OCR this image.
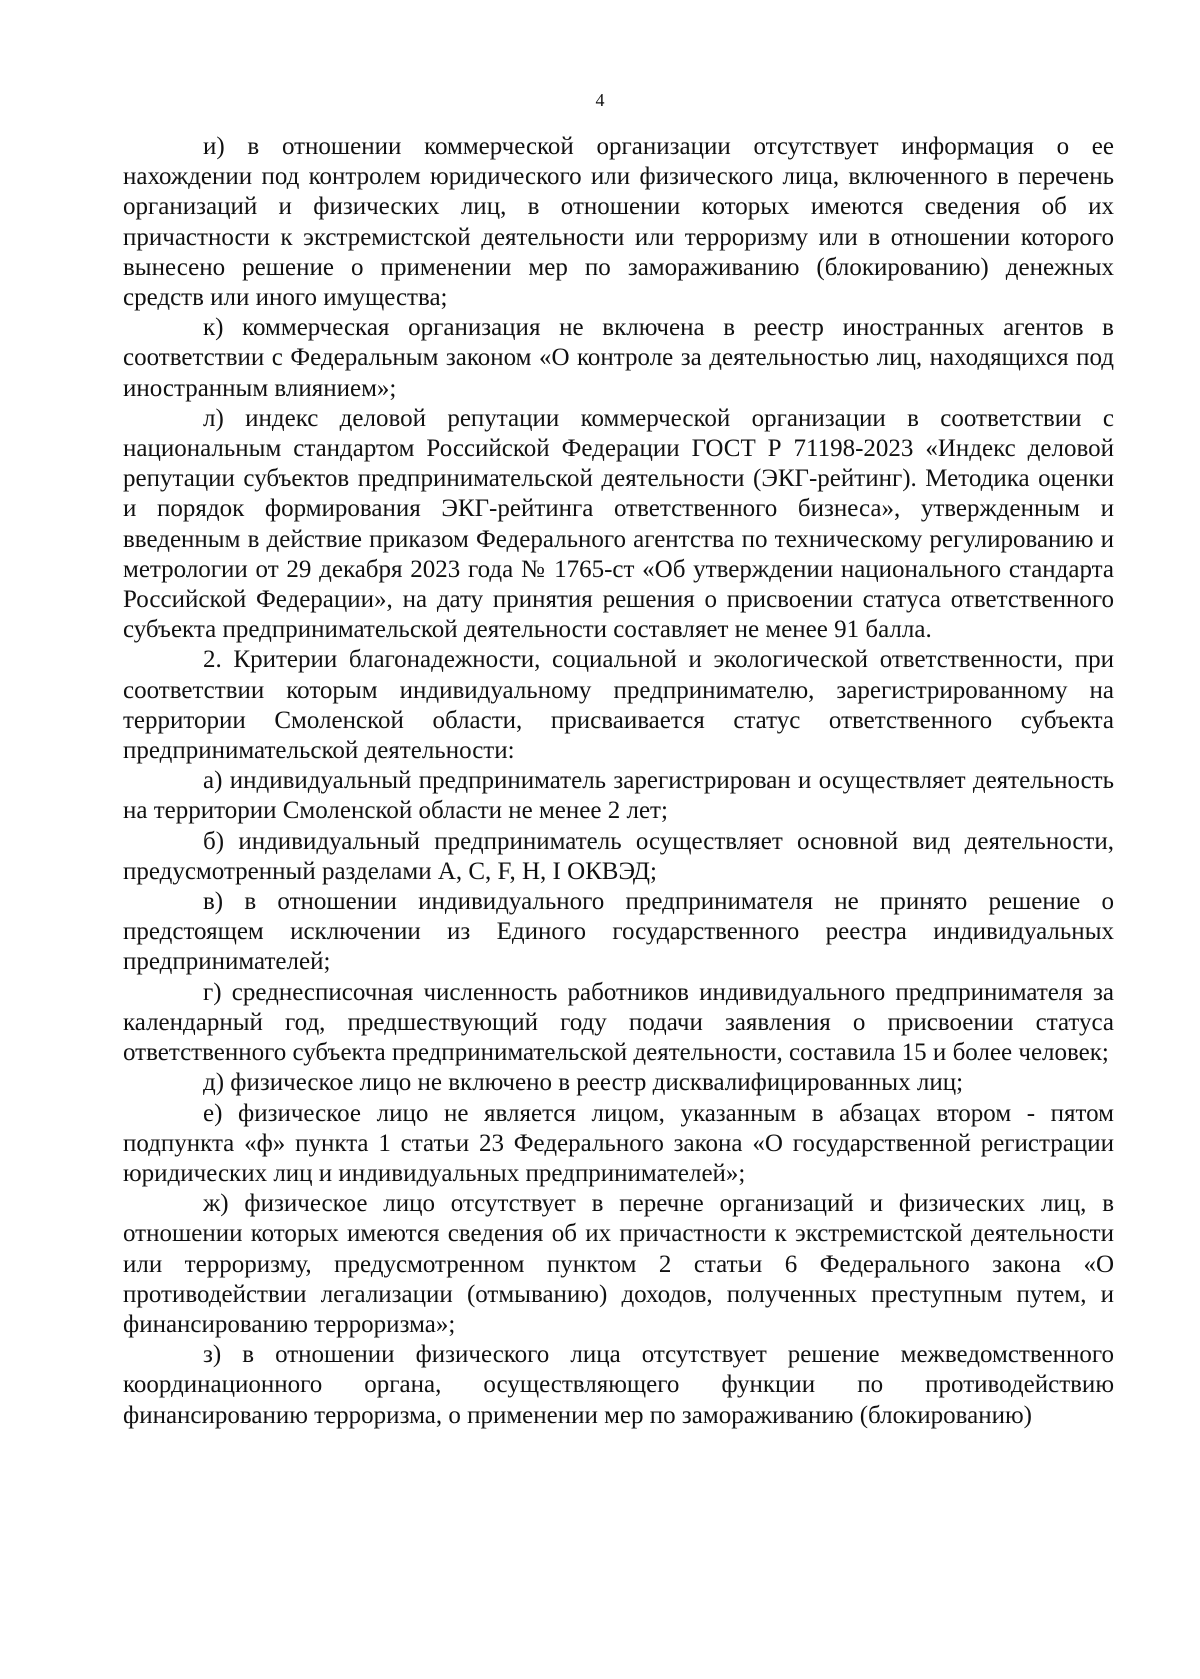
4

и) в отношении коммерческой организации отсутствует информация о ее нахождении под контролем юридического или физического лица, включенного в перечень организаций и физических лиц, в отношении которых имеются сведения об их причастности к экстремистской деятельности или терроризму или в отношении которого вынесено решение о применении мер по замораживанию (блокированию) денежных средств или иного имущества;

к) коммерческая организация не включена в реестр иностранных агентов в соответствии с Федеральным законом «О контроле за деятельностью лиц, находящихся под иностранным влиянием»;

л) индекс деловой репутации коммерческой организации в соответствии с национальным стандартом Российской Федерации ГОСТ Р 71198-2023 «Индекс деловой репутации субъектов предпринимательской деятельности (ЭКГ-рейтинг). Методика оценки и порядок формирования ЭКГ-рейтинга ответственного бизнеса», утвержденным и введенным в действие приказом Федерального агентства по техническому регулированию и метрологии от 29 декабря 2023 года № 1765-ст «Об утверждении национального стандарта Российской Федерации», на дату принятия решения о присвоении статуса ответственного субъекта предпринимательской деятельности составляет не менее 91 балла.

2. Критерии благонадежности, социальной и экологической ответственности, при соответствии которым индивидуальному предпринимателю, зарегистрированному на территории Смоленской области, присваивается статус ответственного субъекта предпринимательской деятельности:

а) индивидуальный предприниматель зарегистрирован и осуществляет деятельность на территории Смоленской области не менее 2 лет;

б) индивидуальный предприниматель осуществляет основной вид деятельности, предусмотренный разделами A, C, F, H, I ОКВЭД;

в) в отношении индивидуального предпринимателя не принято решение о предстоящем исключении из Единого государственного реестра индивидуальных предпринимателей;

г) среднесписочная численность работников индивидуального предпринимателя за календарный год, предшествующий году подачи заявления о присвоении статуса ответственного субъекта предпринимательской деятельности, составила 15 и более человек;

д) физическое лицо не включено в реестр дисквалифицированных лиц;

е) физическое лицо не является лицом, указанным в абзацах втором - пятом подпункта «ф» пункта 1 статьи 23 Федерального закона «О государственной регистрации юридических лиц и индивидуальных предпринимателей»;

ж) физическое лицо отсутствует в перечне организаций и физических лиц, в отношении которых имеются сведения об их причастности к экстремистской деятельности или терроризму, предусмотренном пунктом 2 статьи 6 Федерального закона «О противодействии легализации (отмыванию) доходов, полученных преступным путем, и финансированию терроризма»;

з) в отношении физического лица отсутствует решение межведомственного координационного органа, осуществляющего функции по противодействию финансированию терроризма, о применении мер по замораживанию (блокированию)
